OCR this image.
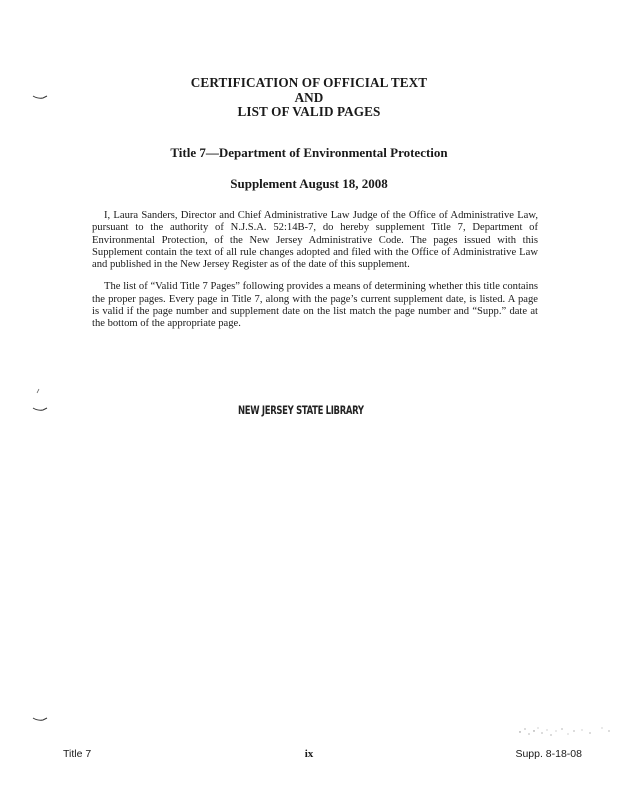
CERTIFICATION OF OFFICIAL TEXT
AND
LIST OF VALID PAGES
Title 7—Department of Environmental Protection
Supplement August 18, 2008

I, Laura Sanders, Director and Chief Administrative Law Judge of the Office of Administrative Law, pursuant to the authority of N.J.S.A. 52:14B-7, do hereby supplement Title 7, Department of Environmental Protection, of the New Jersey Administrative Code. The pages issued with this Supplement contain the text of all rule changes adopted and filed with the Office of Administrative Law and published in the New Jersey Register as of the date of this supplement.

The list of “Valid Title 7 Pages” following provides a means of determining whether this title contains the proper pages. Every page in Title 7, along with the page’s current supplement date, is listed. A page is valid if the page number and supplement date on the list match the page number and “Supp.” date at the bottom of the appropriate page.

NEW JERSEY STATE LIBRARY
Title 7	ix	Supp. 8-18-08
